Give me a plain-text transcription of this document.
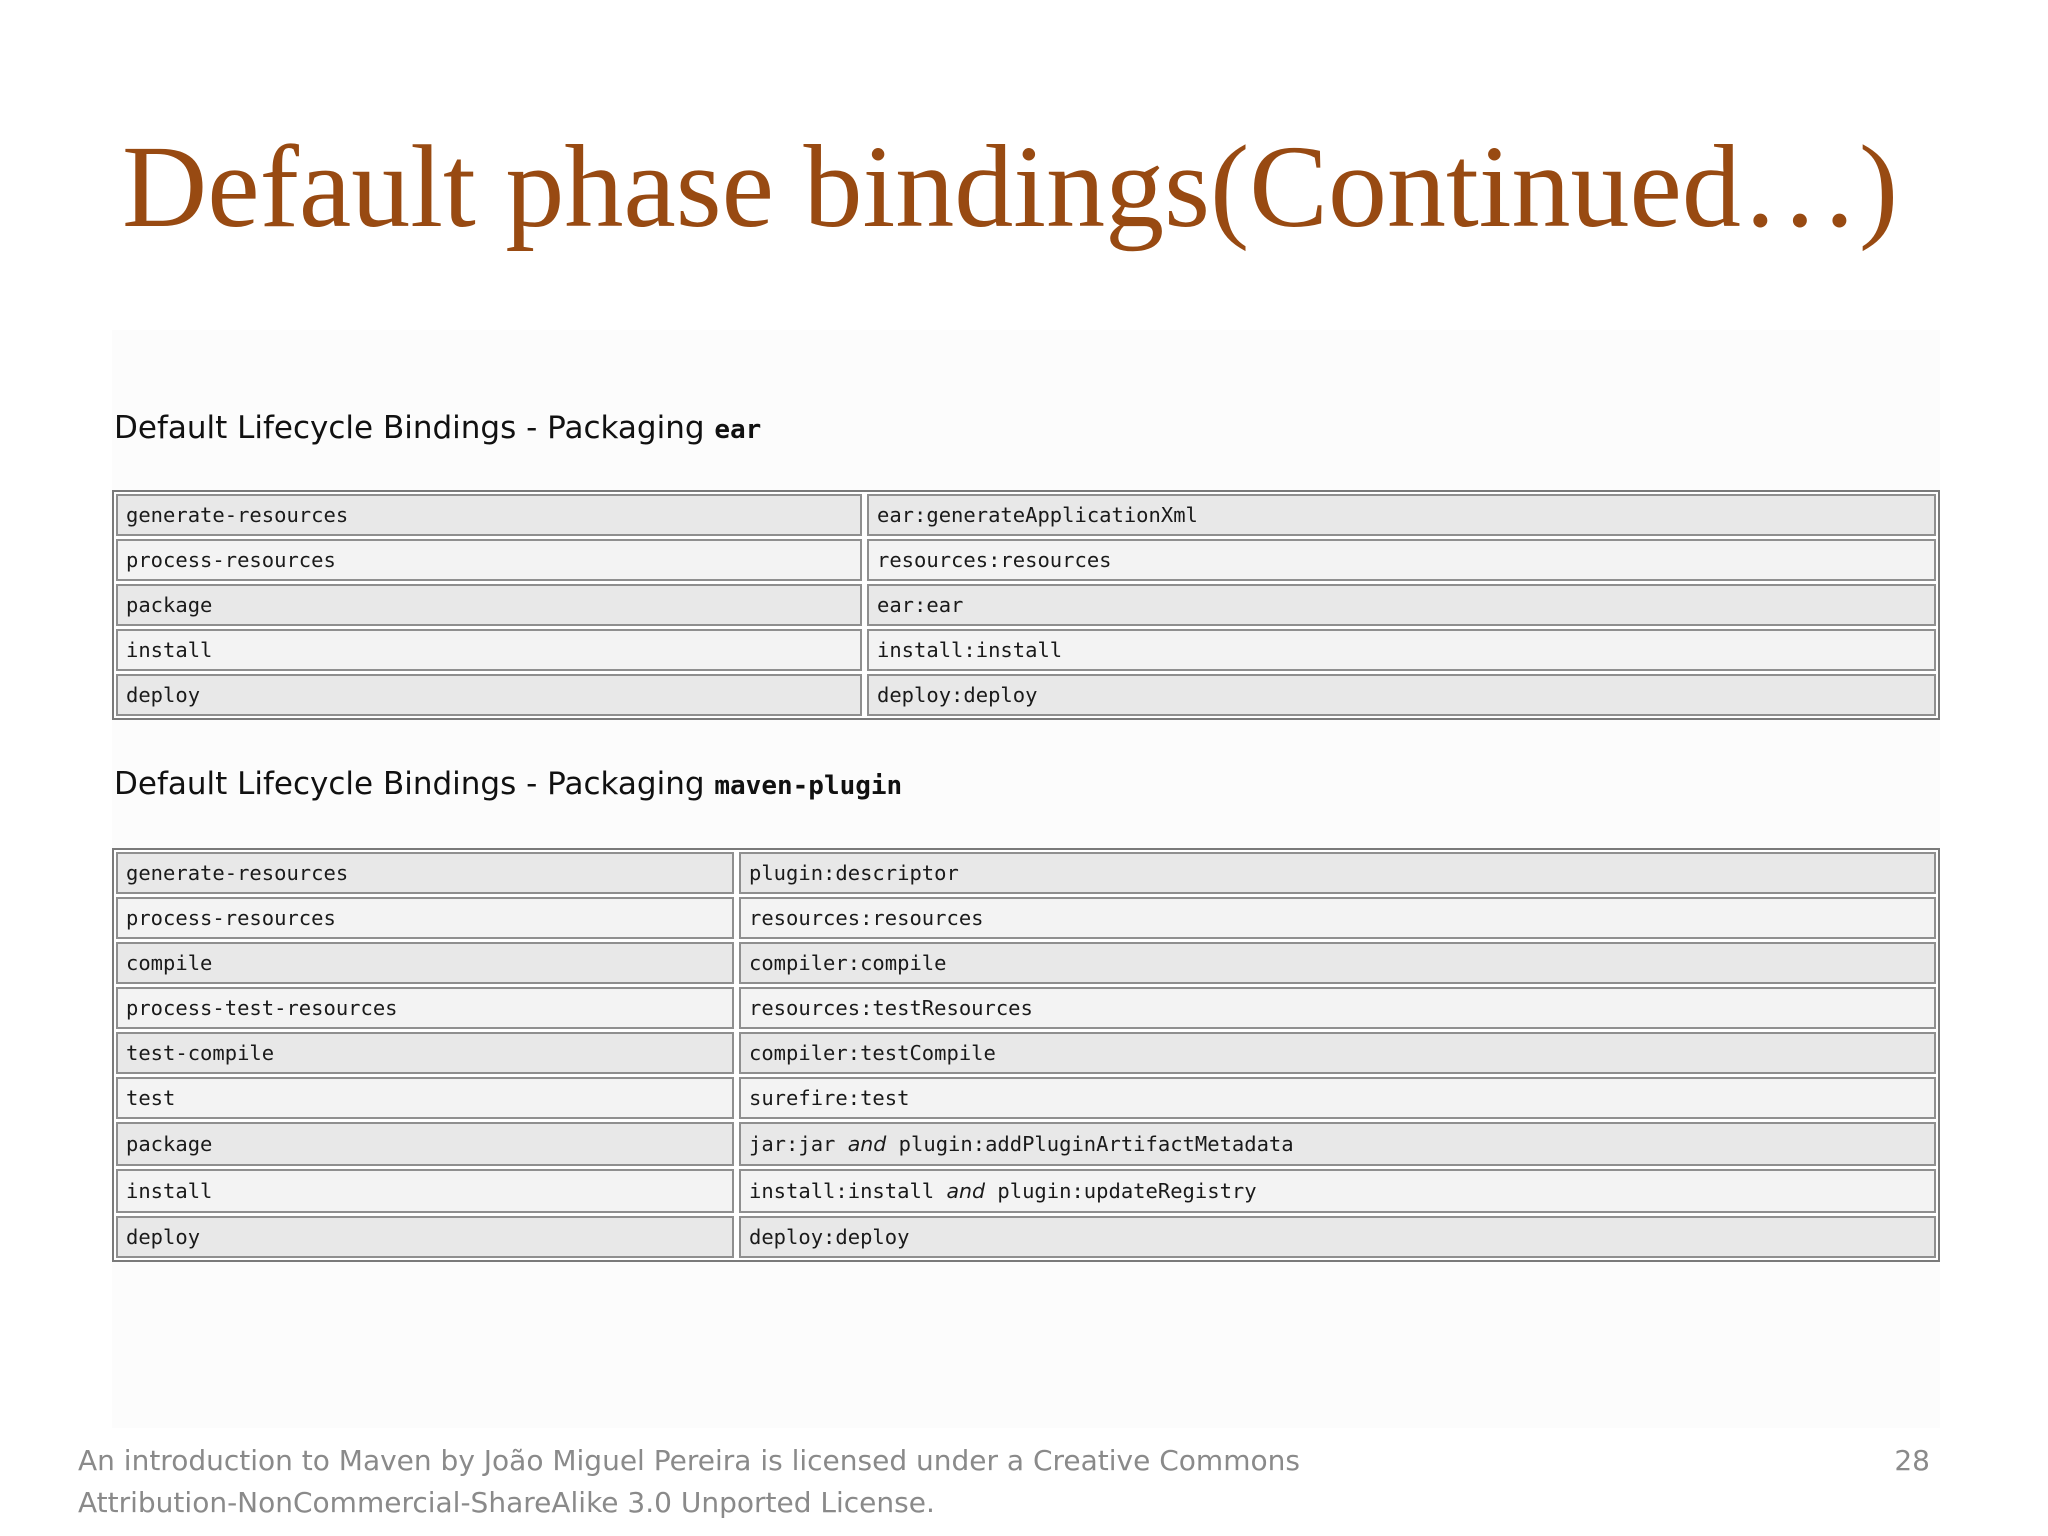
Default phase bindings(Continued…)
Default Lifecycle Bindings - Packaging ear
generate-resources	ear:generateApplicationXml
process-resources	resources:resources
package	ear:ear
install	install:install
deploy	deploy:deploy
Default Lifecycle Bindings - Packaging maven-plugin
generate-resources	plugin:descriptor
process-resources	resources:resources
compile	compiler:compile
process-test-resources	resources:testResources
test-compile	compiler:testCompile
test	surefire:test
package	jar:jar and plugin:addPluginArtifactMetadata
install	install:install and plugin:updateRegistry
deploy	deploy:deploy

An introduction to Maven by João Miguel Pereira is licensed under a Creative Commons
Attribution-NonCommercial-ShareAlike 3.0 Unported License.

28
